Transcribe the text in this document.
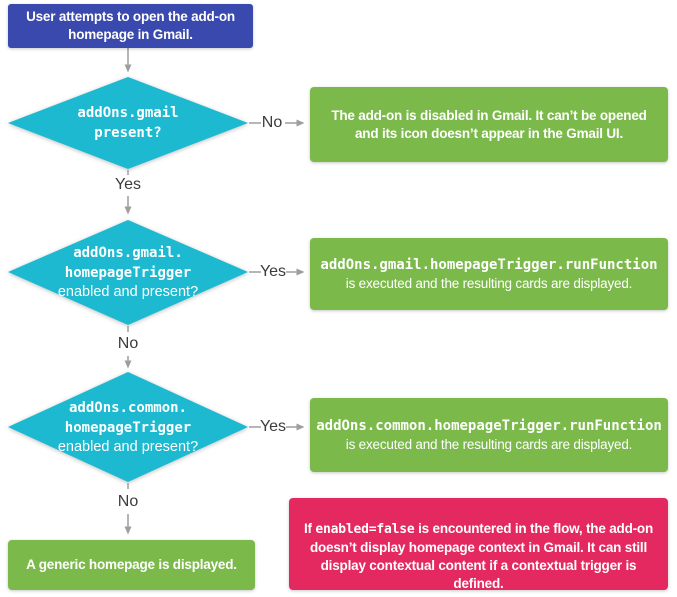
User attempts to open the add-on homepage in Gmail.
addOns.gmail
present?
addOns.gmail.
homepageTrigger
enabled and present?
addOns.common.
homepageTrigger
enabled and present?
No
Yes
Yes
No
Yes
No
The add-on is disabled in Gmail. It can’t be opened and its icon doesn’t appear in the Gmail UI.
addOns.gmail.homepageTrigger.runFunction
is executed and the resulting cards are displayed.
addOns.common.homepageTrigger.runFunction
is executed and the resulting cards are displayed.
A generic homepage is displayed.
If enabled=false is encountered in the flow, the add-on doesn’t display homepage context in Gmail. It can still display contextual content if a contextual trigger is defined.
